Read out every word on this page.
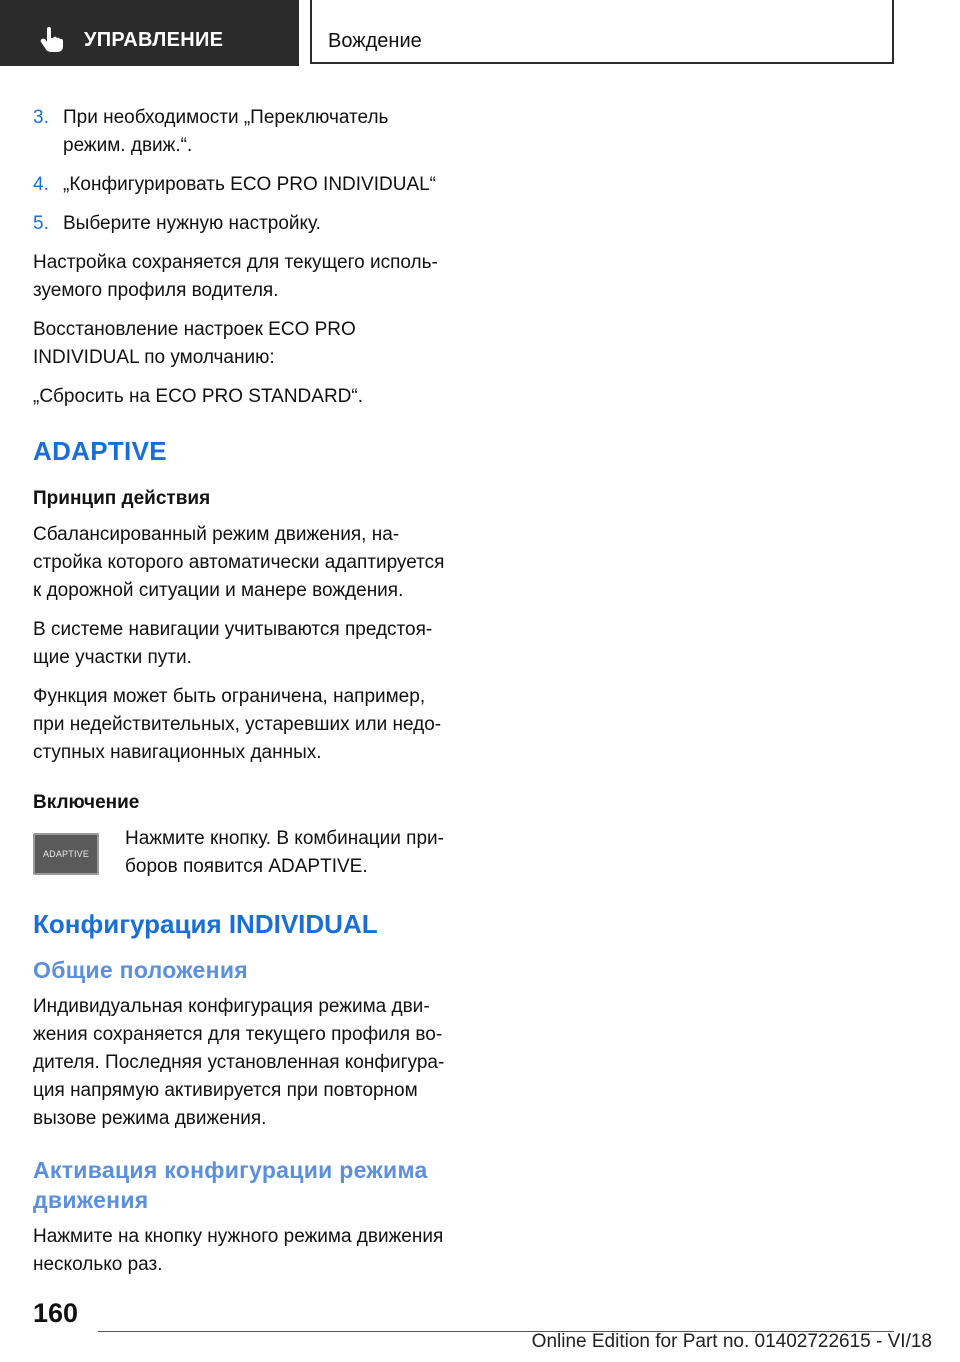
УПРАВЛЕНИЕ	Вождение
3. При необходимости „Переключатель режим. движ.“.
4. „Конфигурировать ECO PRO INDIVIDUAL“
5. Выберите нужную настройку.

Настройка сохраняется для текущего используемого профиля водителя.

Восстановление настроек ECO PRO INDIVIDUAL по умолчанию:

„Сбросить на ECO PRO STANDARD“.

ADAPTIVE
Принцип действия

Сбалансированный режим движения, настройка которого автоматически адаптируется к дорожной ситуации и манере вождения.

В системе навигации учитываются предстоящие участки пути.

Функция может быть ограничена, например, при недействительных, устаревших или недоступных навигационных данных.

Включение
ADAPTIVE
Нажмите кнопку. В комбинации приборов появится ADAPTIVE.
Конфигурация INDIVIDUAL
Общие положения

Индивидуальная конфигурация режима движения сохраняется для текущего профиля водителя. Последняя установленная конфигурация напрямую активируется при повторном вызове режима движения.

Активация конфигурации режима движения

Нажмите на кнопку нужного режима движения несколько раз.

160
Online Edition for Part no. 01402722615 - VI/18
